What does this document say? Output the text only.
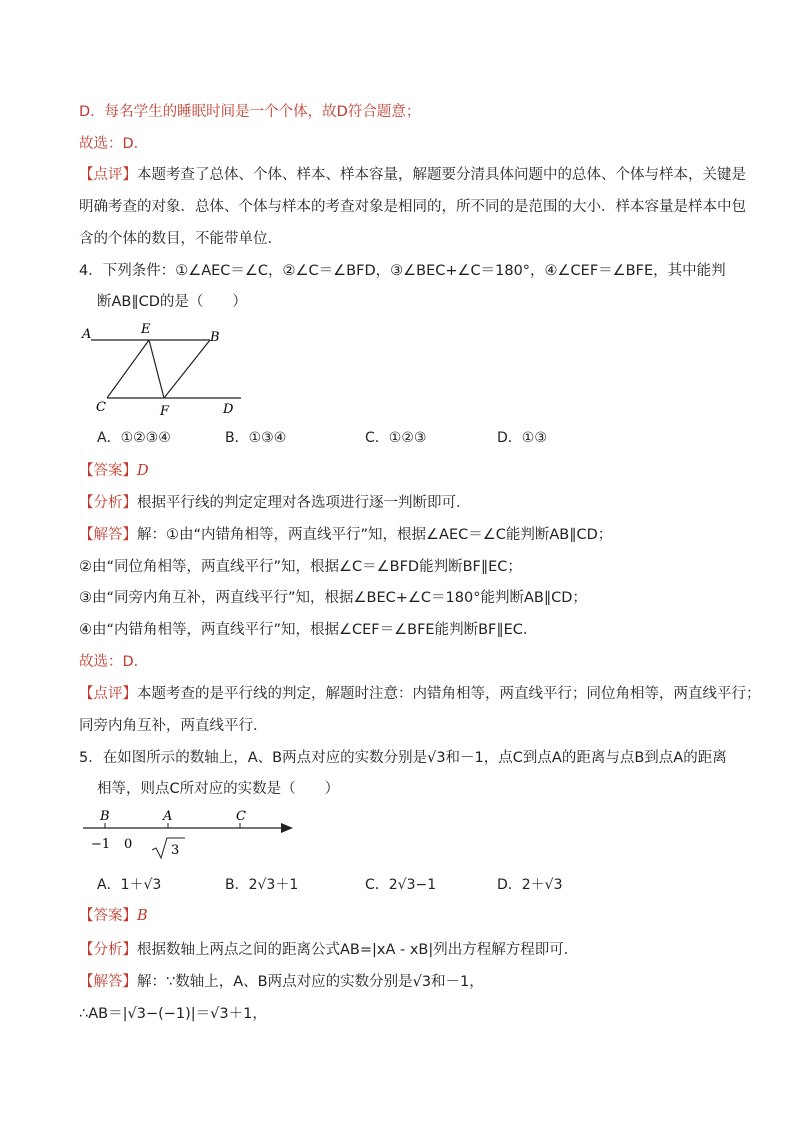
D．每名学生的睡眠时间是一个个体，故D符合题意；
故选：D．
【点评】本题考查了总体、个体、样本、样本容量，解题要分清具体问题中的总体、个体与样本，关键是
明确考查的对象．总体、个体与样本的考查对象是相同的，所不同的是范围的大小．样本容量是样本中包
含的个体的数目，不能带单位．
4．下列条件：①∠AEC＝∠C，②∠C＝∠BFD，③∠BEC+∠C＝180°，④∠CEF＝∠BFE，其中能判
断AB∥CD的是（　　）
A	E
B
C	F	D
A．①②③④	B．①③④	C．①②③	D．①③
【答案】D
【分析】根据平行线的判定定理对各选项进行逐一判断即可．
【解答】解：①由“内错角相等，两直线平行”知，根据∠AEC＝∠C能判断AB∥CD；
②由“同位角相等，两直线平行”知，根据∠C＝∠BFD能判断BF∥EC；
③由“同旁内角互补，两直线平行”知，根据∠BEC+∠C＝180°能判断AB∥CD；
④由“内错角相等，两直线平行”知，根据∠CEF＝∠BFE能判断BF∥EC．
故选：D．
【点评】本题考查的是平行线的判定，解题时注意：内错角相等，两直线平行；同位角相等，两直线平行；
同旁内角互补，两直线平行．
5．在如图所示的数轴上，A、B两点对应的实数分别是√3和－1，点C到点A的距离与点B到点A的距离
相等，则点C所对应的实数是（　　）
B	A	C
−1 0	3
A．1＋√3	B．2√3＋1	C．2√3−1	D．2＋√3
【答案】B
【分析】根据数轴上两点之间的距离公式AB=|xA - xB|列出方程解方程即可．
【解答】解：∵数轴上，A、B两点对应的实数分别是√3和－1，
∴AB＝|√3−(−1)|＝√3＋1，
